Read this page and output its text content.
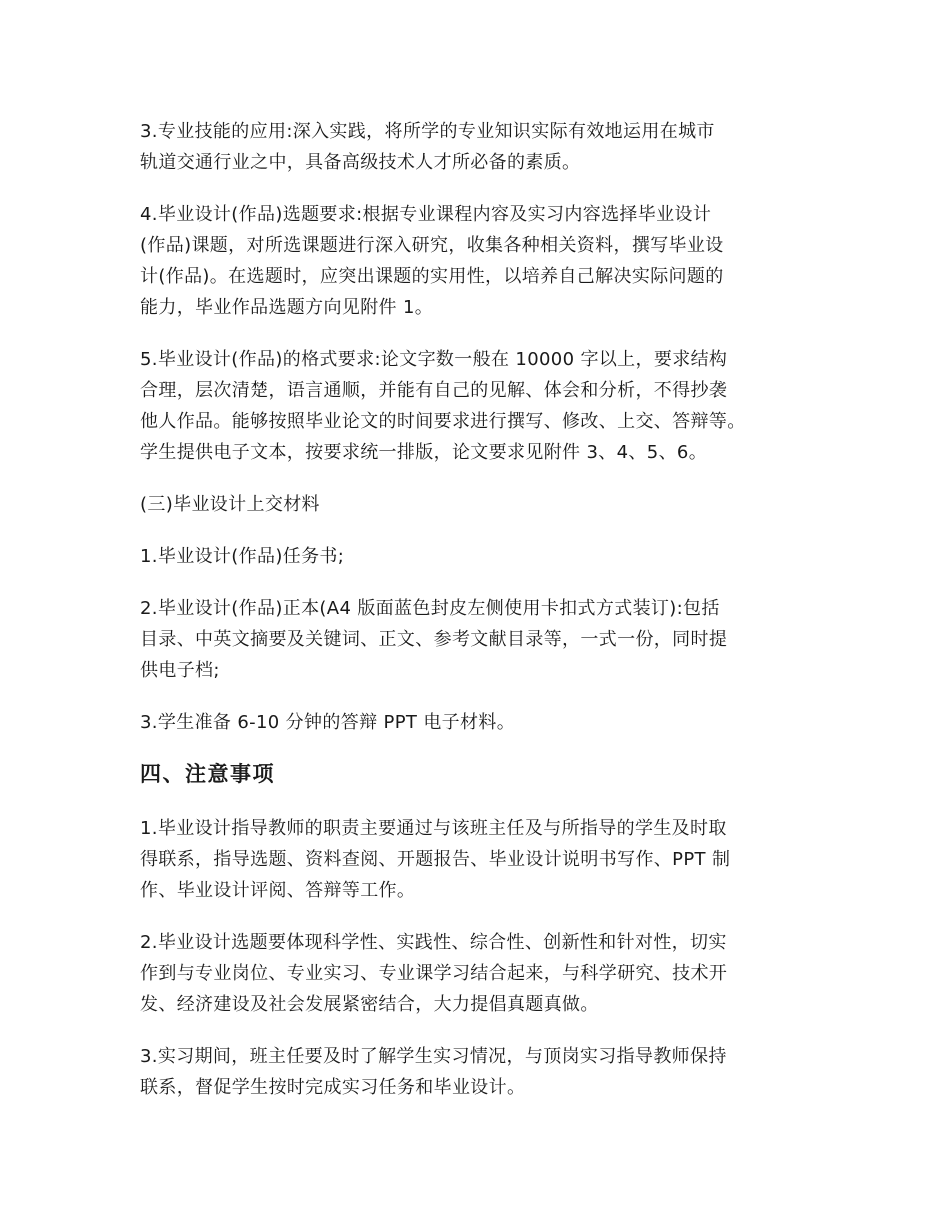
3.专业技能的应用:深入实践，将所学的专业知识实际有效地运用在城市
轨道交通行业之中，具备高级技术人才所必备的素质。

4.毕业设计(作品)选题要求:根据专业课程内容及实习内容选择毕业设计
(作品)课题，对所选课题进行深入研究，收集各种相关资料，撰写毕业设
计(作品)。在选题时，应突出课题的实用性，以培养自己解决实际问题的
能力，毕业作品选题方向见附件 1。

5.毕业设计(作品)的格式要求:论文字数一般在 10000 字以上，要求结构
合理，层次清楚，语言通顺，并能有自己的见解、体会和分析，不得抄袭
他人作品。能够按照毕业论文的时间要求进行撰写、修改、上交、答辩等。
学生提供电子文本，按要求统一排版，论文要求见附件 3、4、5、6。

(三)毕业设计上交材料

1.毕业设计(作品)任务书;

2.毕业设计(作品)正本(A4 版面蓝色封皮左侧使用卡扣式方式装订):包括
目录、中英文摘要及关键词、正文、参考文献目录等，一式一份，同时提
供电子档;

3.学生准备 6-10 分钟的答辩 PPT 电子材料。

四、注意事项

1.毕业设计指导教师的职责主要通过与该班主任及与所指导的学生及时取
得联系，指导选题、资料查阅、开题报告、毕业设计说明书写作、PPT 制
作、毕业设计评阅、答辩等工作。

2.毕业设计选题要体现科学性、实践性、综合性、创新性和针对性，切实
作到与专业岗位、专业实习、专业课学习结合起来，与科学研究、技术开
发、经济建设及社会发展紧密结合，大力提倡真题真做。

3.实习期间，班主任要及时了解学生实习情况，与顶岗实习指导教师保持
联系，督促学生按时完成实习任务和毕业设计。
